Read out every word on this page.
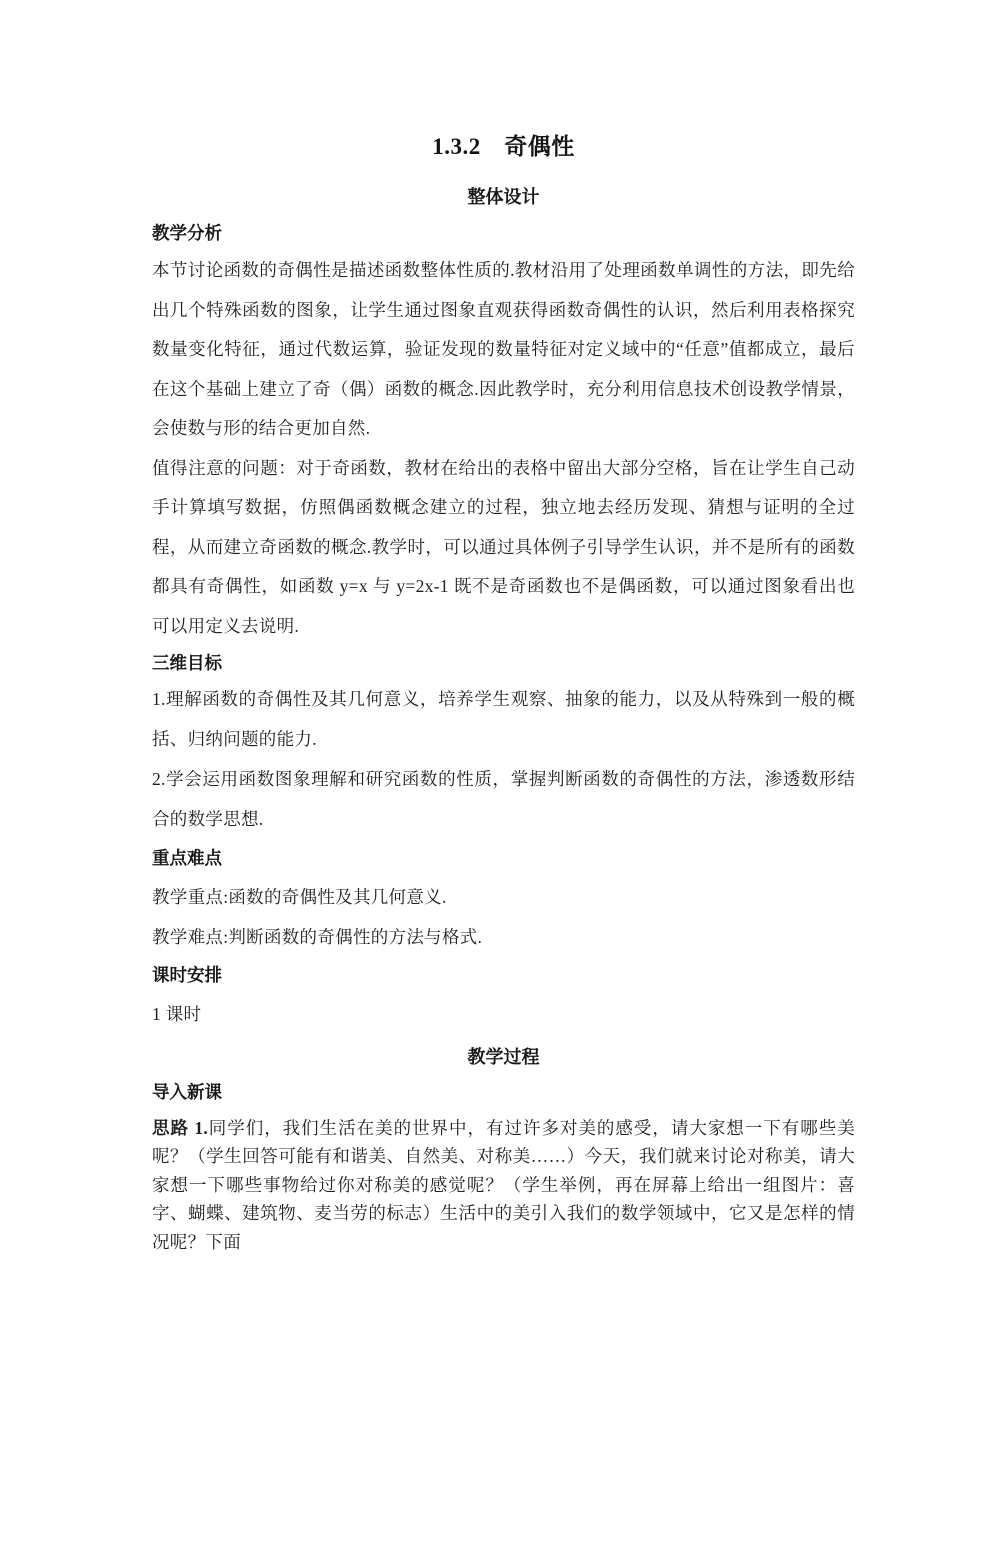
1.3.2　奇偶性
整体设计
教学分析

本节讨论函数的奇偶性是描述函数整体性质的.教材沿用了处理函数单调性的方法，即先给出几个特殊函数的图象，让学生通过图象直观获得函数奇偶性的认识，然后利用表格探究数量变化特征，通过代数运算，验证发现的数量特征对定义域中的“任意”值都成立，最后在这个基础上建立了奇（偶）函数的概念.因此教学时，充分利用信息技术创设教学情景，会使数与形的结合更加自然.

值得注意的问题：对于奇函数，教材在给出的表格中留出大部分空格，旨在让学生自己动手计算填写数据，仿照偶函数概念建立的过程，独立地去经历发现、猜想与证明的全过程，从而建立奇函数的概念.教学时，可以通过具体例子引导学生认识，并不是所有的函数都具有奇偶性，如函数 y=x 与 y=2x-1 既不是奇函数也不是偶函数，可以通过图象看出也可以用定义去说明.

三维目标

1.理解函数的奇偶性及其几何意义，培养学生观察、抽象的能力，以及从特殊到一般的概括、归纳问题的能力.

2.学会运用函数图象理解和研究函数的性质，掌握判断函数的奇偶性的方法，渗透数形结合的数学思想.

重点难点

教学重点:函数的奇偶性及其几何意义.

教学难点:判断函数的奇偶性的方法与格式.

课时安排

1 课时

教学过程
导入新课

思路 1.同学们，我们生活在美的世界中，有过许多对美的感受，请大家想一下有哪些美呢？（学生回答可能有和谐美、自然美、对称美……）今天，我们就来讨论对称美，请大家想一下哪些事物给过你对称美的感觉呢？（学生举例，再在屏幕上给出一组图片：喜字、蝴蝶、建筑物、麦当劳的标志）生活中的美引入我们的数学领域中，它又是怎样的情况呢？下面
